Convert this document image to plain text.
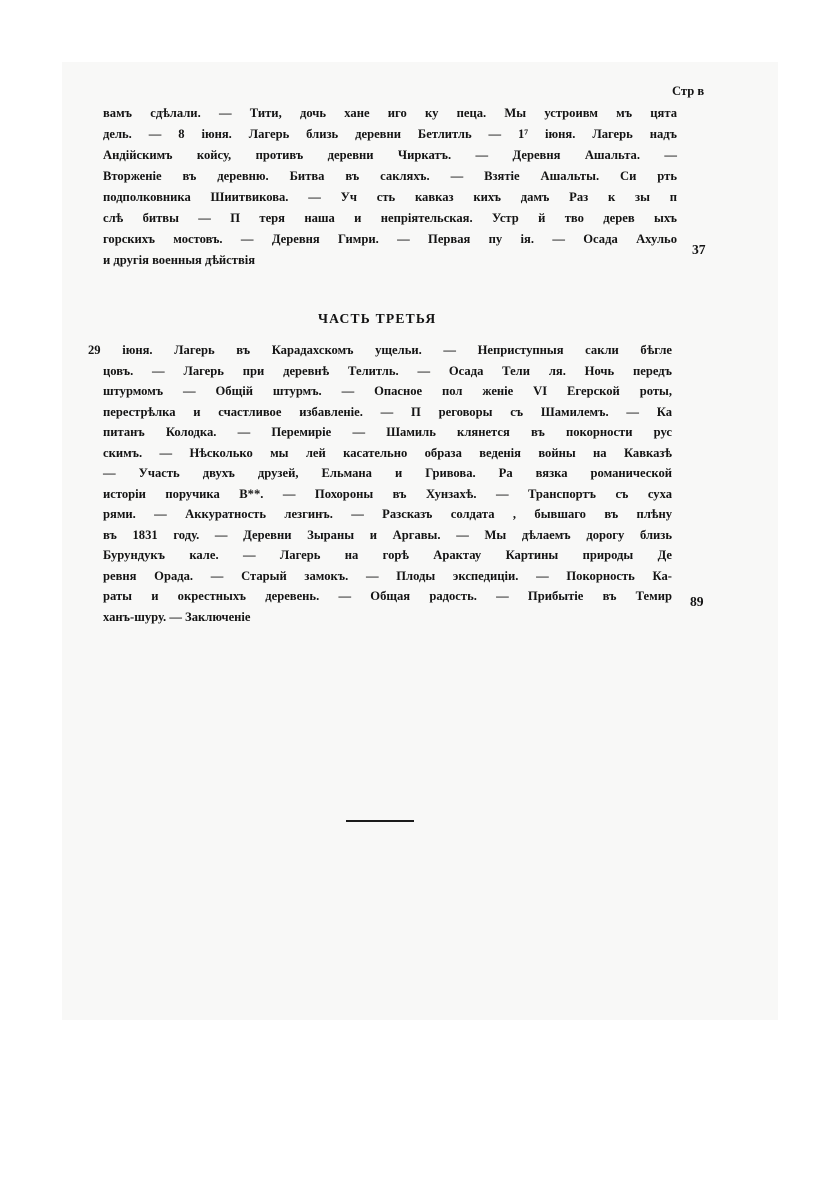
Стр в
вамъ сдѣлали. — Тити, дочь хане иго ку пеца. Мы устроивм мъ цята
дель. — 8 іюня. Лагерь близь деревни Бетлитль — 1⁷ іюня. Лагерь надъ
Андійскимъ койсу, противъ деревни Чиркатъ. — Деревня Ашальта. —
Вторженіе въ деревню. Битва въ сакляхъ. — Взятіе Ашальты. Си рть
подполковника Шиитвикова. — Уч сть кавказ кихъ дамъ Раз к зы п
слѣ битвы — П тeря наша и непріятельская. Устр й тво дерев ыхъ
горскихъ мостовъ. — Деревня Гимри. — Первая пу ія. — Осада Ахульо
и другія военныя дѣйствія
37
ЧАСТЬ ТРЕТЬЯ
29 іюня. Лагерь въ Карадахскомъ ущельи. — Неприступныя сакли бѣгле
цовъ. — Лагерь при деревнѣ Телитль. — Осада Тели ля. Ночь передъ
штурмомъ — Общій штурмъ. — Опасное пол женіе VI Егерской роты,
перестрѣлка и счастливое избавленіе. — П реговоры съ Шамилемъ. — Ка
питанъ Колодка. — Перемиріе — Шамиль клянется въ покорности рус
скимъ. — Нѣсколько мы лей касательно образа веденія войны на Кавказѣ
— Участь двухъ друзей, Ельмана и Гривова. Ра вязка романической
исторіи поручика В**. — Похороны въ Хунзахѣ. — Транспортъ съ суха
рями. — Аккуратность лезгинъ. — Разсказъ солдата , бывшаго въ плѣну
въ 1831 году. — Деревни Зыраны и Аргавы. — Мы дѣлаемъ дорогу близь
Бурундукъ кале. — Лагерь на горѣ Арактау Картины природы Де
ревня Орада. — Старый замокъ. — Плоды экспедиціи. — Покорность Ка-
раты и окрестныхъ деревень. — Общая радость. — Прибытіе въ Темир
ханъ-шуру. — Заключеніе
89
